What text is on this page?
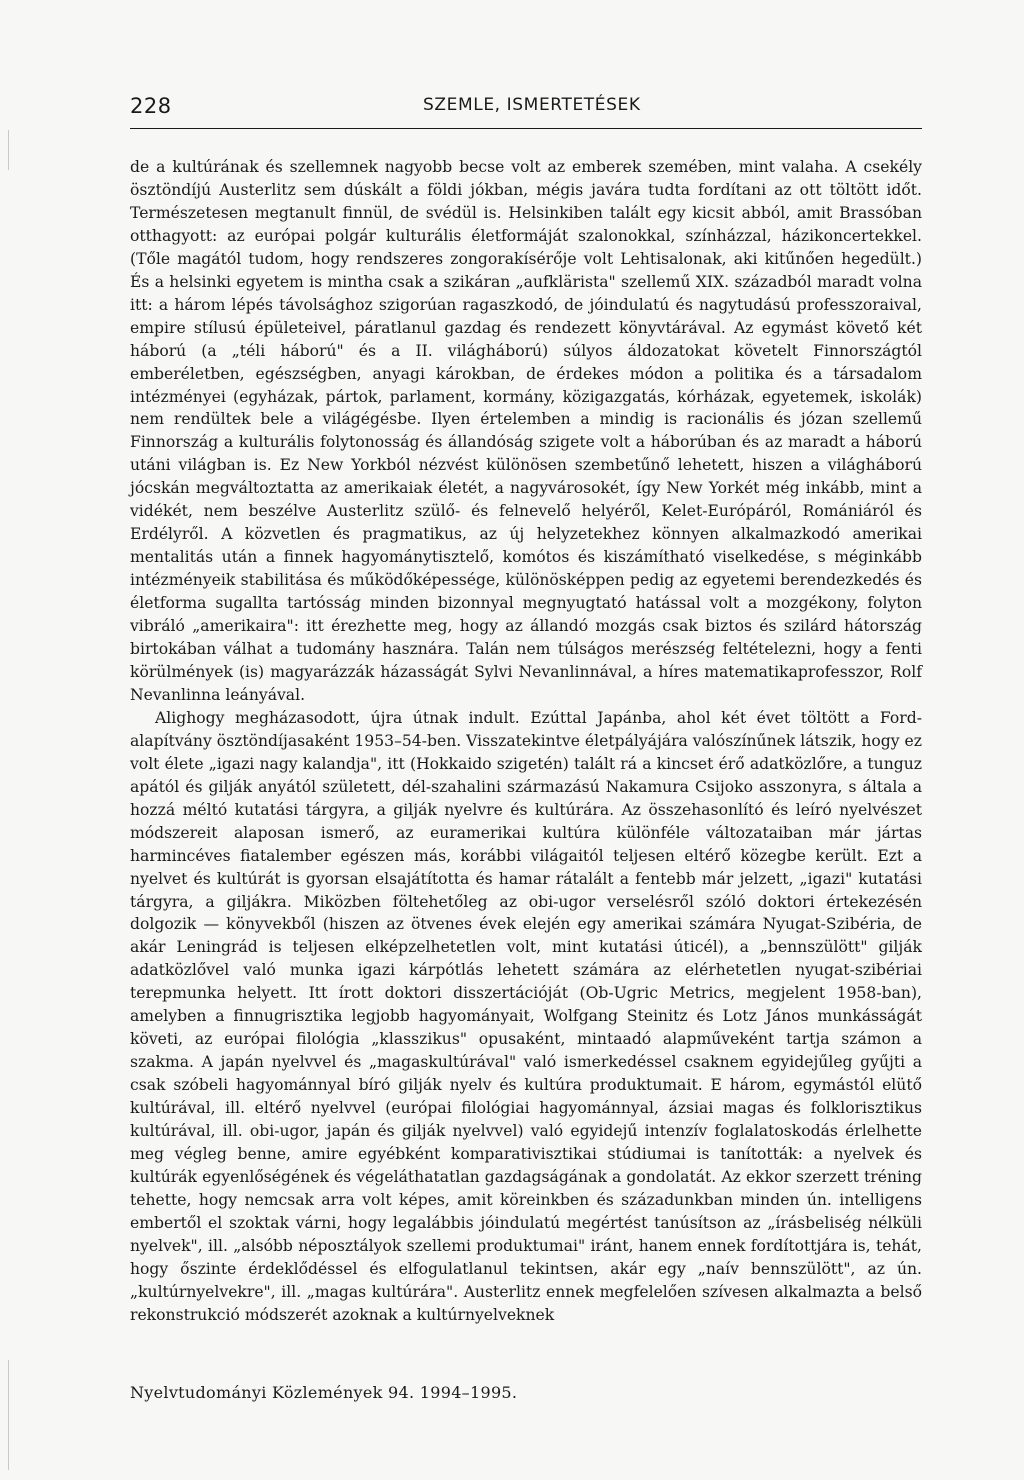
228	SZEMLE, ISMERTETÉSEK

de a kultúrának és szellemnek nagyobb becse volt az emberek szemében, mint valaha. A csekély ösztöndíjú Austerlitz sem dúskált a földi jókban, mégis javára tudta fordítani az ott töltött időt. Természetesen megtanult finnül, de svédül is. Helsinkiben talált egy kicsit abból, amit Brassóban otthagyott: az európai polgár kulturális életformáját szalonokkal, színházzal, házikoncertekkel. (Tőle magától tudom, hogy rendszeres zongorakísérője volt Lehtisalonak, aki kitűnően hegedült.) És a helsinki egyetem is mintha csak a szikáran „aufklärista" szellemű XIX. századból maradt volna itt: a három lépés távolsághoz szigorúan ragaszkodó, de jóindulatú és nagytudású professzoraival, empire stílusú épületeivel, páratlanul gazdag és rendezett könyvtárával. Az egymást követő két háború (a „téli háború" és a II. világháború) súlyos áldozatokat követelt Finnországtól emberéletben, egészségben, anyagi károkban, de érdekes módon a politika és a társadalom intézményei (egyházak, pártok, parlament, kormány, közigazgatás, kórházak, egyetemek, iskolák) nem rendültek bele a világégésbe. Ilyen értelemben a mindig is racionális és józan szellemű Finnország a kulturális folytonosság és állandóság szigete volt a háborúban és az maradt a háború utáni világban is. Ez New Yorkból nézvést különösen szembetűnő lehetett, hiszen a világháború jócskán megváltoztatta az amerikaiak életét, a nagyvárosokét, így New Yorkét még inkább, mint a vidékét, nem beszélve Austerlitz szülő- és felnevelő helyéről, Kelet-Európáról, Romániáról és Erdélyről. A közvetlen és pragmatikus, az új helyzetekhez könnyen alkalmazkodó amerikai mentalitás után a finnek hagyománytisztelő, komótos és kiszámítható viselkedése, s méginkább intézményeik stabilitása és működőképessége, különösképpen pedig az egyetemi berendezkedés és életforma sugallta tartósság minden bizonnyal megnyugtató hatással volt a mozgékony, folyton vibráló „amerikaira": itt érezhette meg, hogy az állandó mozgás csak biztos és szilárd hátország birtokában válhat a tudomány hasznára. Talán nem túlságos merészség feltételezni, hogy a fenti körülmények (is) magyarázzák házasságát Sylvi Nevanlinnával, a híres matematikaprofesszor, Rolf Nevanlinna leányával.

Alighogy megházasodott, újra útnak indult. Ezúttal Japánba, ahol két évet töltött a Ford-alapítvány ösztöndíjasaként 1953–54-ben. Visszatekintve életpályájára valószínűnek látszik, hogy ez volt élete „igazi nagy kalandja", itt (Hokkaido szigetén) talált rá a kincset érő adatközlőre, a tunguz apától és gilják anyától született, dél-szahalini származású Nakamura Csijoko asszonyra, s általa a hozzá méltó kutatási tárgyra, a gilják nyelvre és kultúrára. Az összehasonlító és leíró nyelvészet módszereit alaposan ismerő, az euramerikai kultúra különféle változataiban már jártas harmincéves fiatalember egészen más, korábbi világaitól teljesen eltérő közegbe került. Ezt a nyelvet és kultúrát is gyorsan elsajátította és hamar rátalált a fentebb már jelzett, „igazi" kutatási tárgyra, a giljákra. Miközben föltehetőleg az obi-ugor verselésről szóló doktori értekezésén dolgozik — könyvekből (hiszen az ötvenes évek elején egy amerikai számára Nyugat-Szibéria, de akár Leningrád is teljesen elképzelhetetlen volt, mint kutatási úticél), a „bennszülött" gilják adatközlővel való munka igazi kárpótlás lehetett számára az elérhetetlen nyugat-szibériai terepmunka helyett. Itt írott doktori disszertációját (Ob-Ugric Metrics, megjelent 1958-ban), amelyben a finnugrisztika legjobb hagyományait, Wolfgang Steinitz és Lotz János munkásságát követi, az európai filológia „klasszikus" opusaként, mintaadó alapműveként tartja számon a szakma. A japán nyelvvel és „magaskultúrával" való ismerkedéssel csaknem egyidejűleg gyűjti a csak szóbeli hagyománnyal bíró gilják nyelv és kultúra produktumait. E három, egymástól elütő kultúrával, ill. eltérő nyelvvel (európai filológiai hagyománnyal, ázsiai magas és folklorisztikus kultúrával, ill. obi-ugor, japán és gilják nyelvvel) való egyidejű intenzív foglalatoskodás érlelhette meg végleg benne, amire egyébként komparativisztikai stúdiumai is tanították: a nyelvek és kultúrák egyenlőségének és végeláthatatlan gazdagságának a gondolatát. Az ekkor szerzett tréning tehette, hogy nemcsak arra volt képes, amit köreinkben és századunkban minden ún. intelligens embertől el szoktak várni, hogy legalábbis jóindulatú megértést tanúsítson az „írásbeliség nélküli nyelvek", ill. „alsóbb néposztályok szellemi produktumai" iránt, hanem ennek fordítottjára is, tehát, hogy őszinte érdeklődéssel és elfogulatlanul tekintsen, akár egy „naív bennszülött", az ún. „kultúrnyelvekre", ill. „magas kultúrára". Austerlitz ennek megfelelően szívesen alkalmazta a belső rekonstrukció módszerét azoknak a kultúrnyelveknek

Nyelvtudományi Közlemények 94. 1994–1995.
